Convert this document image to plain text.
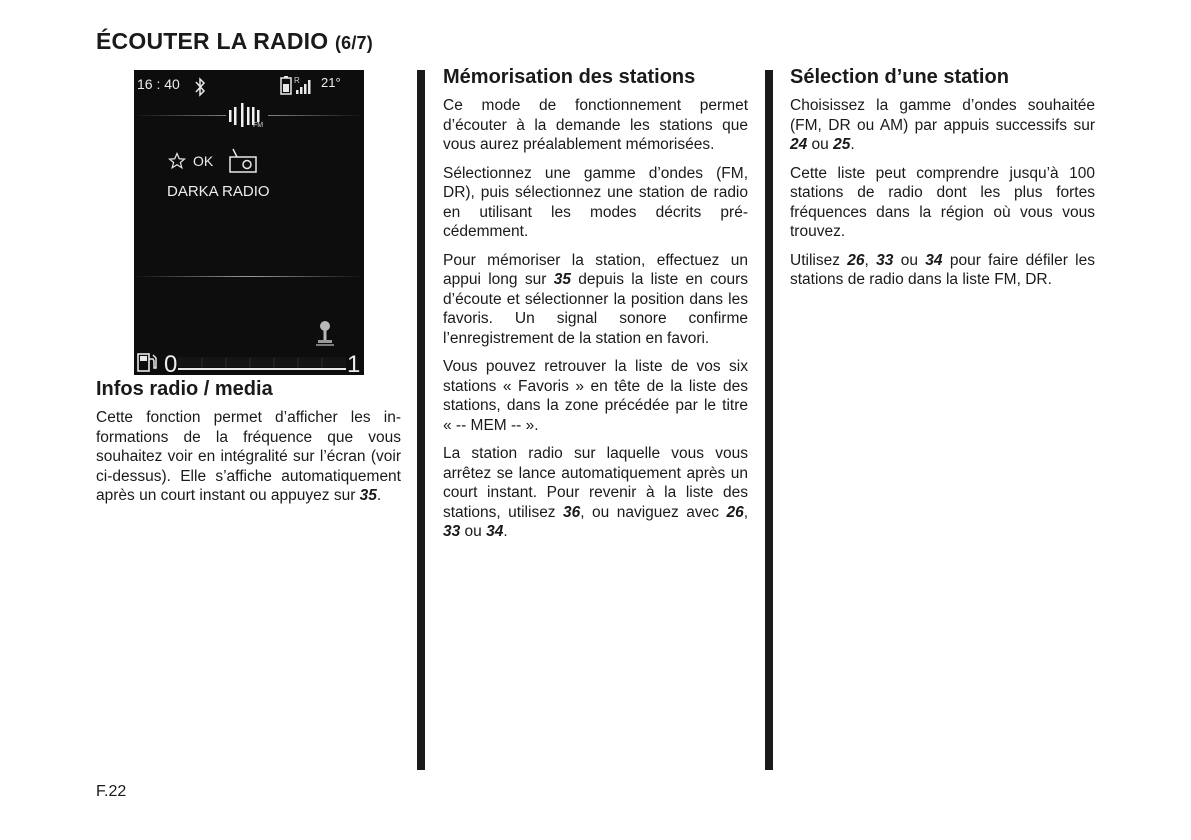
ÉCOUTER LA RADIO (6/7)
16 : 40	R 21°
FM
OK
DARKA RADIO
0	1
Infos radio / media

Cette fonction permet d’afficher les informations de la fréquence que vous souhaitez voir en intégralité sur l’écran (voir ci-dessus). Elle s’affiche automatiquement après un court instant ou appuyez sur 35.

Mémorisation des stations

Ce mode de fonctionnement permet d’écouter à la demande les stations que vous aurez préalablement mémorisées.

Sélectionnez une gamme d’ondes (FM, DR), puis sélectionnez une station de radio en utilisant les modes décrits précédemment.

Pour mémoriser la station, effectuez un appui long sur 35 depuis la liste en cours d’écoute et sélectionner la position dans les favoris. Un signal sonore confirme l’enregistrement de la station en favori.

Vous pouvez retrouver la liste de vos six stations « Favoris » en tête de la liste des stations, dans la zone précédée par le titre « -- MEM -- ».

La station radio sur laquelle vous vous arrêtez se lance automatiquement après un court instant. Pour revenir à la liste des stations, utilisez 36, ou naviguez avec 26, 33 ou 34.

Sélection d’une station

Choisissez la gamme d’ondes souhaitée (FM, DR ou AM) par appuis successifs sur 24 ou 25.

Cette liste peut comprendre jusqu’à 100 stations de radio dont les plus fortes fréquences dans la région où vous vous trouvez.

Utilisez 26, 33 ou 34 pour faire défiler les stations de radio dans la liste FM, DR.

F.22
